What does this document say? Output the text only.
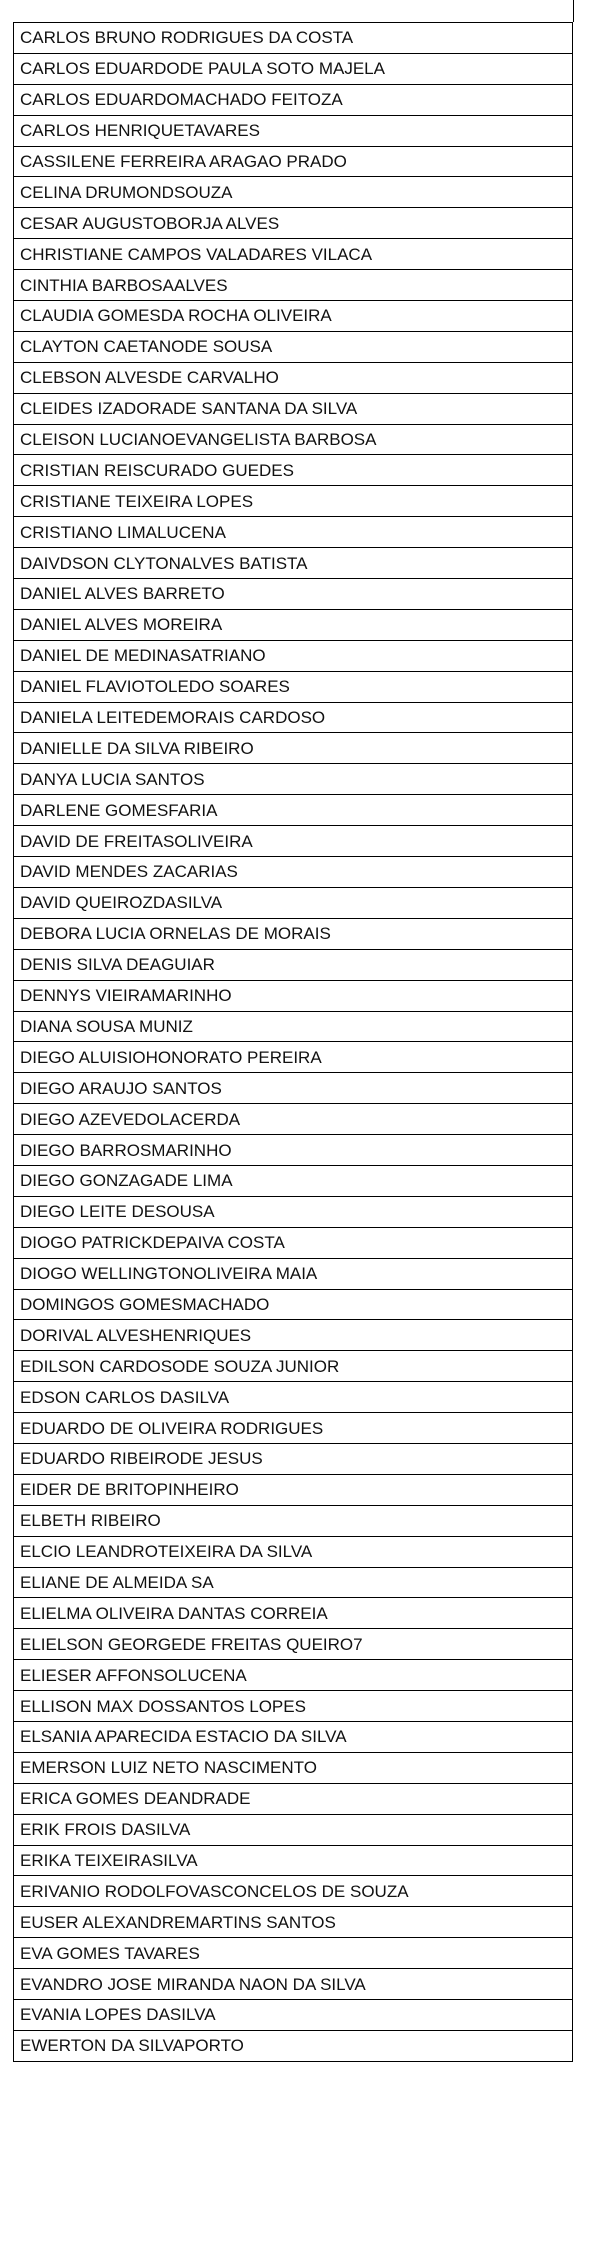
CARLOS BRUNO RODRIGUES DA COSTA
CARLOS EDUARDODE PAULA SOTO MAJELA
CARLOS EDUARDOMACHADO FEITOZA
CARLOS HENRIQUETAVARES
CASSILENE FERREIRA ARAGAO PRADO
CELINA DRUMONDSOUZA
CESAR AUGUSTOBORJA ALVES
CHRISTIANE CAMPOS VALADARES VILACA
CINTHIA BARBOSAALVES
CLAUDIA GOMESDA ROCHA OLIVEIRA
CLAYTON CAETANODE SOUSA
CLEBSON ALVESDE CARVALHO
CLEIDES IZADORADE SANTANA DA SILVA
CLEISON LUCIANOEVANGELISTA BARBOSA
CRISTIAN REISCURADO GUEDES
CRISTIANE TEIXEIRA LOPES
CRISTIANO LIMALUCENA
DAIVDSON CLYTONALVES BATISTA
DANIEL ALVES BARRETO
DANIEL ALVES MOREIRA
DANIEL DE MEDINASATRIANO
DANIEL FLAVIOTOLEDO SOARES
DANIELA LEITEDEMORAIS CARDOSO
DANIELLE DA SILVA RIBEIRO
DANYA LUCIA SANTOS
DARLENE GOMESFARIA
DAVID DE FREITASOLIVEIRA
DAVID MENDES ZACARIAS
DAVID QUEIROZDASILVA
DEBORA LUCIA ORNELAS DE MORAIS
DENIS SILVA DEAGUIAR
DENNYS VIEIRAMARINHO
DIANA SOUSA MUNIZ
DIEGO ALUISIOHONORATO PEREIRA
DIEGO ARAUJO SANTOS
DIEGO AZEVEDOLACERDA
DIEGO BARROSMARINHO
DIEGO GONZAGADE LIMA
DIEGO LEITE DESOUSA
DIOGO PATRICKDEPAIVA COSTA
DIOGO WELLINGTONOLIVEIRA MAIA
DOMINGOS GOMESMACHADO
DORIVAL ALVESHENRIQUES
EDILSON CARDOSODE SOUZA JUNIOR
EDSON CARLOS DASILVA
EDUARDO DE OLIVEIRA RODRIGUES
EDUARDO RIBEIRODE JESUS
EIDER DE BRITOPINHEIRO
ELBETH RIBEIRO
ELCIO LEANDROTEIXEIRA DA SILVA
ELIANE DE ALMEIDA SA
ELIELMA OLIVEIRA DANTAS CORREIA
ELIELSON GEORGEDE FREITAS QUEIRO7
ELIESER AFFONSOLUCENA
ELLISON MAX DOSSANTOS LOPES
ELSANIA APARECIDA ESTACIO DA SILVA
EMERSON LUIZ NETO NASCIMENTO
ERICA GOMES DEANDRADE
ERIK FROIS DASILVA
ERIKA TEIXEIRASILVA
ERIVANIO RODOLFOVASCONCELOS DE SOUZA
EUSER ALEXANDREMARTINS SANTOS
EVA GOMES TAVARES
EVANDRO JOSE MIRANDA NAON DA SILVA
EVANIA LOPES DASILVA
EWERTON DA SILVAPORTO
